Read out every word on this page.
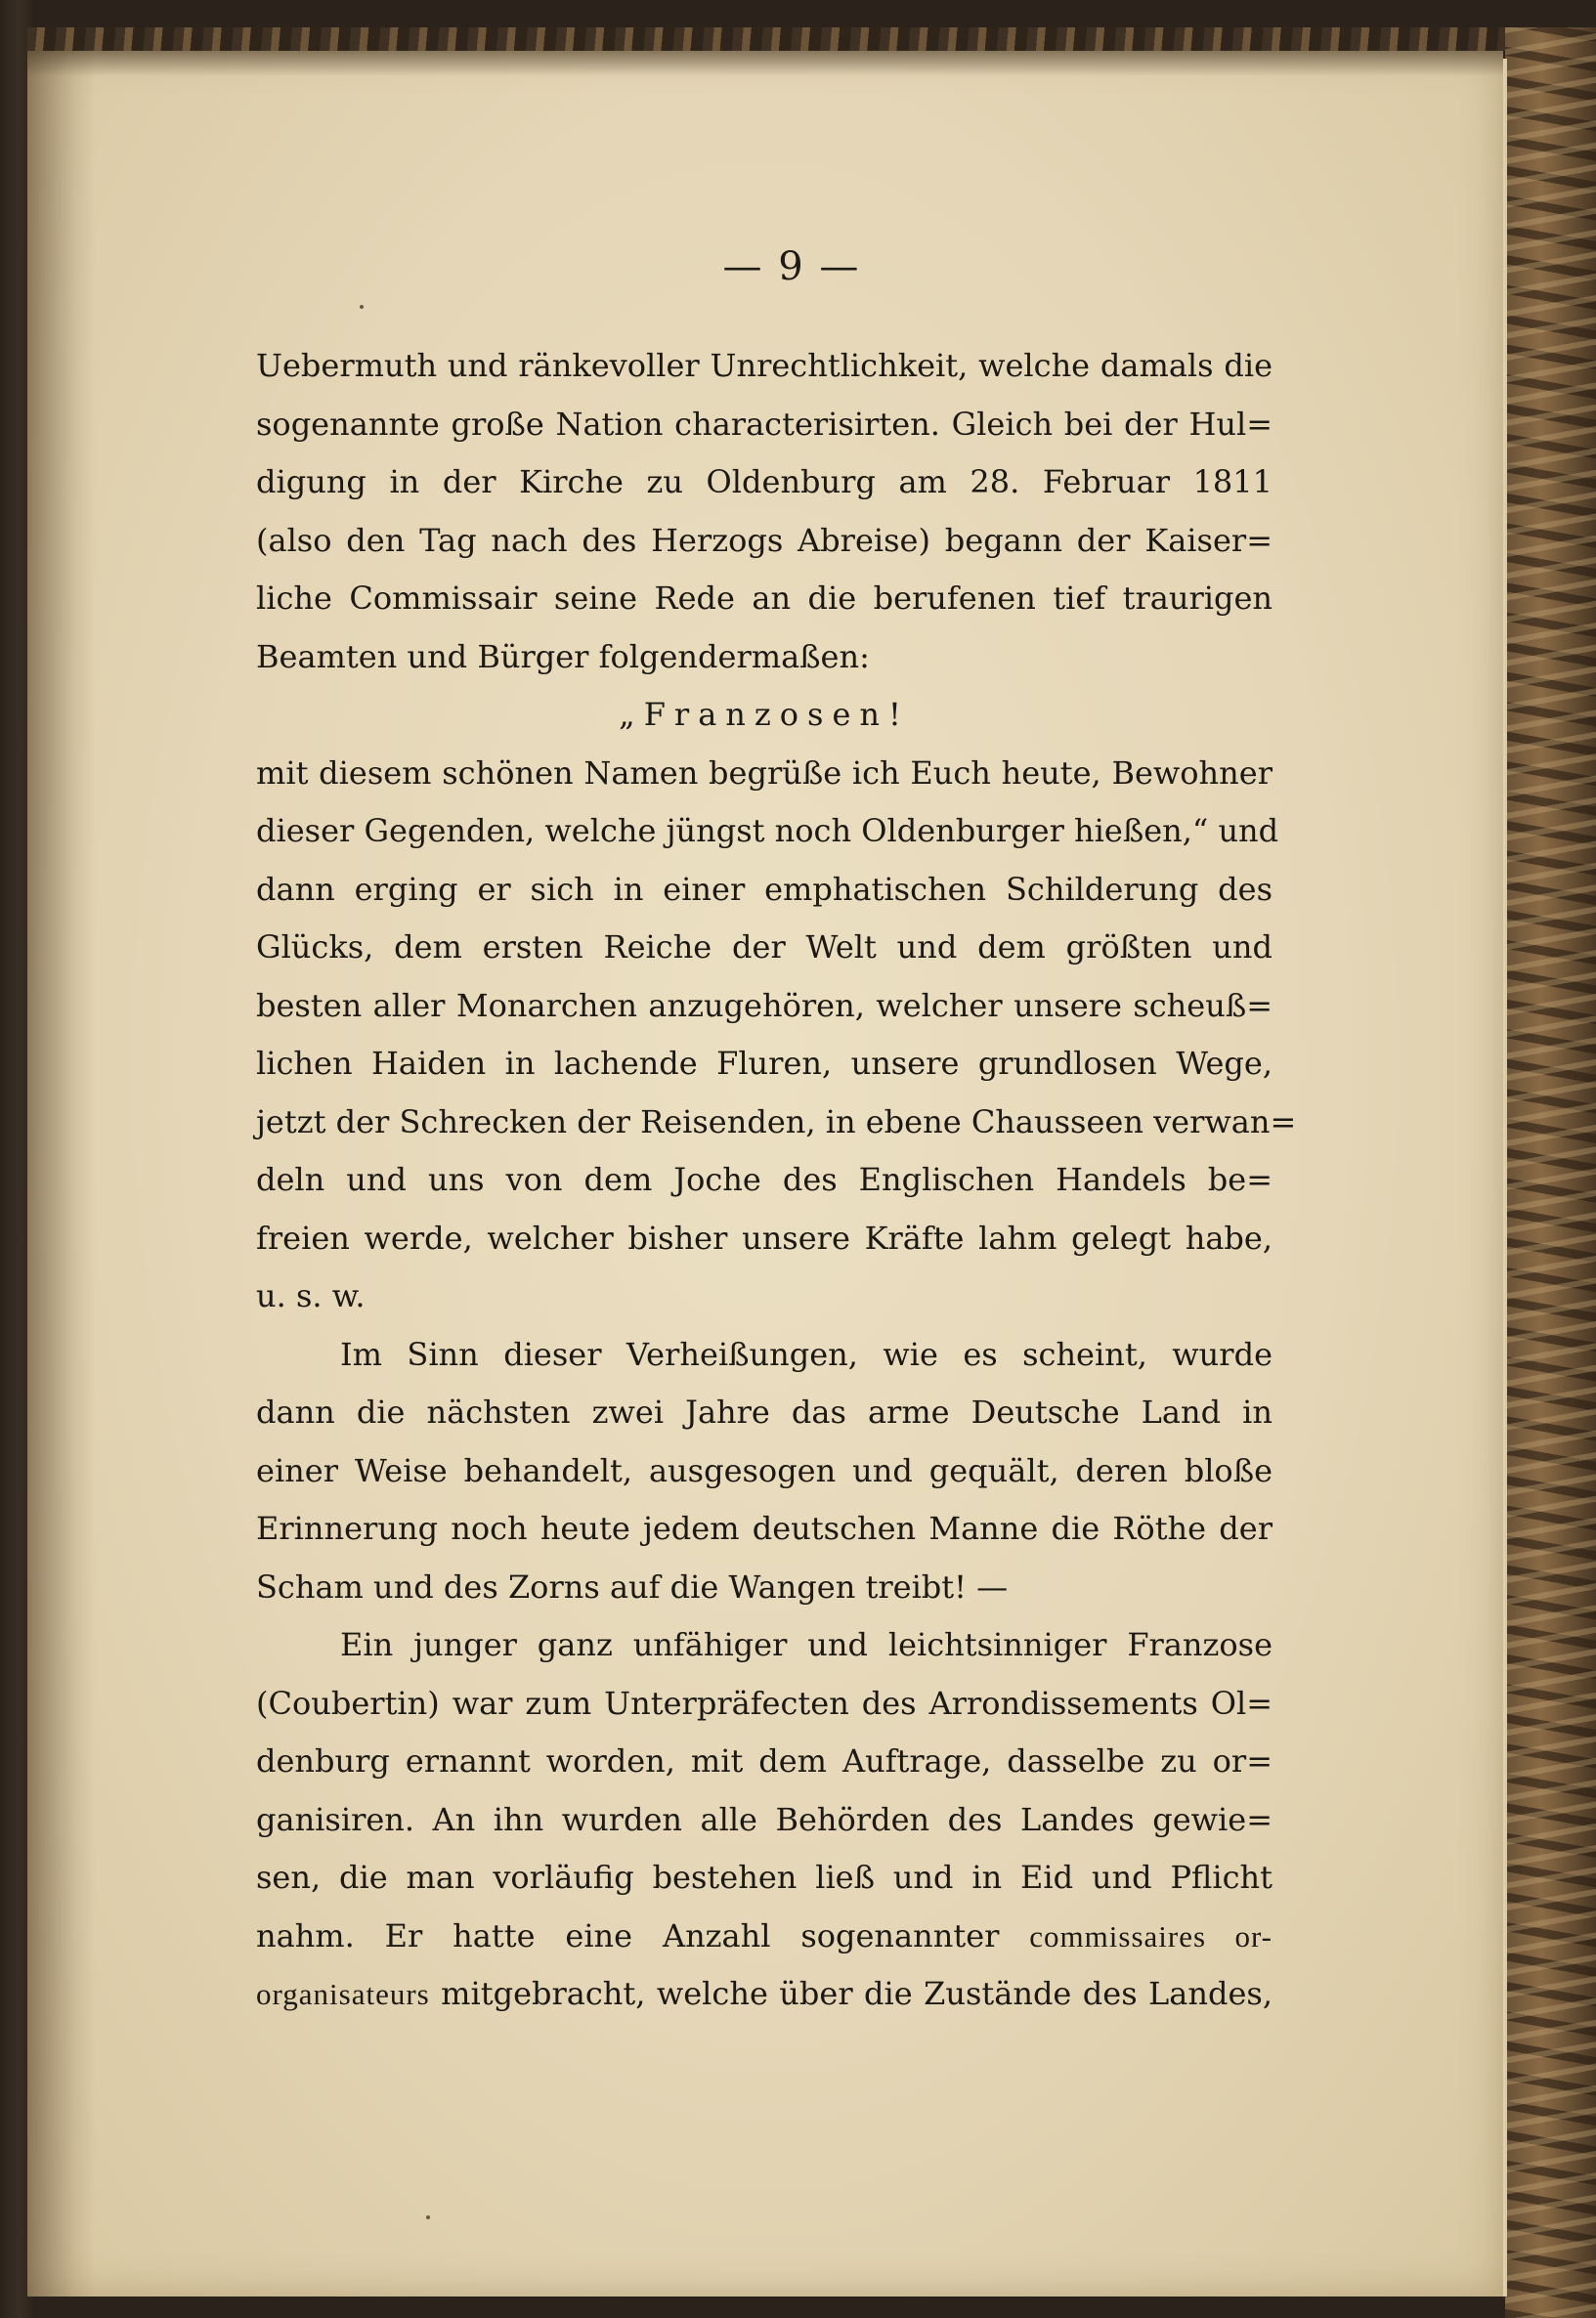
— 9 —
Uebermuth und ränkevoller Unrechtlichkeit, welche damals die
sogenannte große Nation characterisirten. Gleich bei der Hul=
digung in der Kirche zu Oldenburg am 28. Februar 1811
(also den Tag nach des Herzogs Abreise) begann der Kaiser=
liche Commissair seine Rede an die berufenen tief traurigen
Beamten und Bürger folgendermaßen:
„Franzosen!
mit diesem schönen Namen begrüße ich Euch heute, Bewohner
dieser Gegenden, welche jüngst noch Oldenburger hießen,“ und
dann erging er sich in einer emphatischen Schilderung des
Glücks, dem ersten Reiche der Welt und dem größten und
besten aller Monarchen anzugehören, welcher unsere scheuß=
lichen Haiden in lachende Fluren, unsere grundlosen Wege,
jetzt der Schrecken der Reisenden, in ebene Chausseen verwan=
deln und uns von dem Joche des Englischen Handels be=
freien werde, welcher bisher unsere Kräfte lahm gelegt habe,
u. s. w.
Im Sinn dieser Verheißungen, wie es scheint, wurde
dann die nächsten zwei Jahre das arme Deutsche Land in
einer Weise behandelt, ausgesogen und gequält, deren bloße
Erinnerung noch heute jedem deutschen Manne die Röthe der
Scham und des Zorns auf die Wangen treibt! —
Ein junger ganz unfähiger und leichtsinniger Franzose
(Coubertin) war zum Unterpräfecten des Arrondissements Ol=
denburg ernannt worden, mit dem Auftrage, dasselbe zu or=
ganisiren. An ihn wurden alle Behörden des Landes gewie=
sen, die man vorläufig bestehen ließ und in Eid und Pflicht
nahm. Er hatte eine Anzahl sogenannter commissaires or-
organisateurs mitgebracht, welche über die Zustände des Landes,
